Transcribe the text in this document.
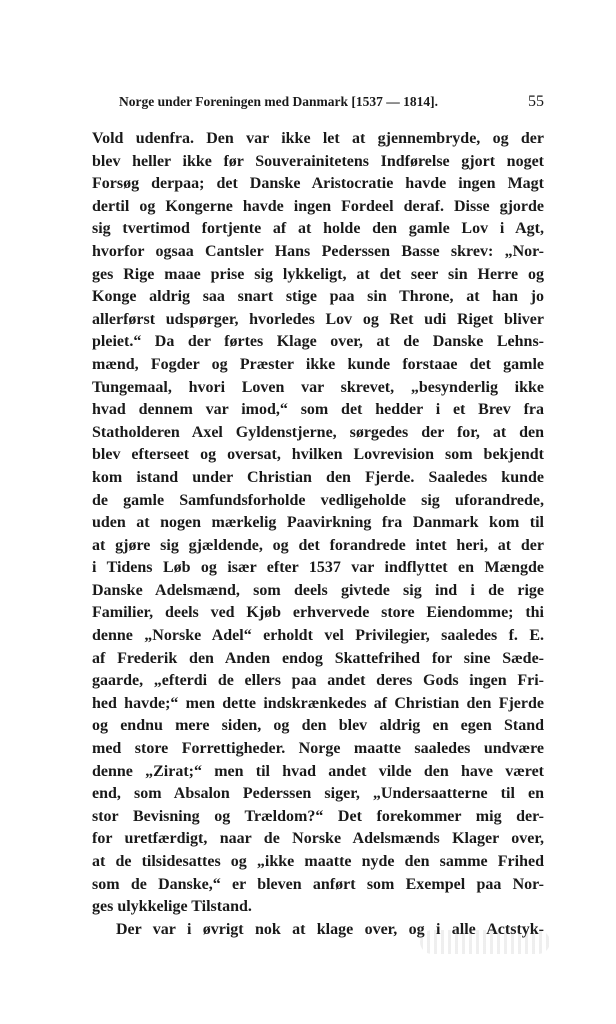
Norge under Foreningen med Danmark [1537 — 1814].	55
Vold udenfra. Den var ikke let at gjennembryde, og der
blev heller ikke før Souverainitetens Indførelse gjort noget
Forsøg derpaa; det Danske Aristocratie havde ingen Magt
dertil og Kongerne havde ingen Fordeel deraf. Disse gjorde
sig tvertimod fortjente af at holde den gamle Lov i Agt,
hvorfor ogsaa Cantsler Hans Pederssen Basse skrev: „Nor-
ges Rige maae prise sig lykkeligt, at det seer sin Herre og
Konge aldrig saa snart stige paa sin Throne, at han jo
allerførst udspørger, hvorledes Lov og Ret udi Riget bliver
pleiet.“ Da der førtes Klage over, at de Danske Lehns-
mænd, Fogder og Præster ikke kunde forstaae det gamle
Tungemaal, hvori Loven var skrevet, „besynderlig ikke
hvad dennem var imod,“ som det hedder i et Brev fra
Statholderen Axel Gyldenstjerne, sørgedes der for, at den
blev efterseet og oversat, hvilken Lovrevision som bekjendt
kom istand under Christian den Fjerde. Saaledes kunde
de gamle Samfundsforholde vedligeholde sig uforandrede,
uden at nogen mærkelig Paavirkning fra Danmark kom til
at gjøre sig gjældende, og det forandrede intet heri, at der
i Tidens Løb og især efter 1537 var indflyttet en Mængde
Danske Adelsmænd, som deels givtede sig ind i de rige
Familier, deels ved Kjøb erhvervede store Eiendomme; thi
denne „Norske Adel“ erholdt vel Privilegier, saaledes f. E.
af Frederik den Anden endog Skattefrihed for sine Sæde-
gaarde, „efterdi de ellers paa andet deres Gods ingen Fri-
hed havde;“ men dette indskrænkedes af Christian den Fjerde
og endnu mere siden, og den blev aldrig en egen Stand
med store Forrettigheder. Norge maatte saaledes undvære
denne „Zirat;“ men til hvad andet vilde den have været
end, som Absalon Pederssen siger, „Undersaatterne til en
stor Bevisning og Trældom?“ Det forekommer mig der-
for uretfærdigt, naar de Norske Adelsmænds Klager over,
at de tilsidesattes og „ikke maatte nyde den samme Frihed
som de Danske,“ er bleven anført som Exempel paa Nor-
ges ulykkelige Tilstand.
Der var i øvrigt nok at klage over, og i alle Actstyk-
